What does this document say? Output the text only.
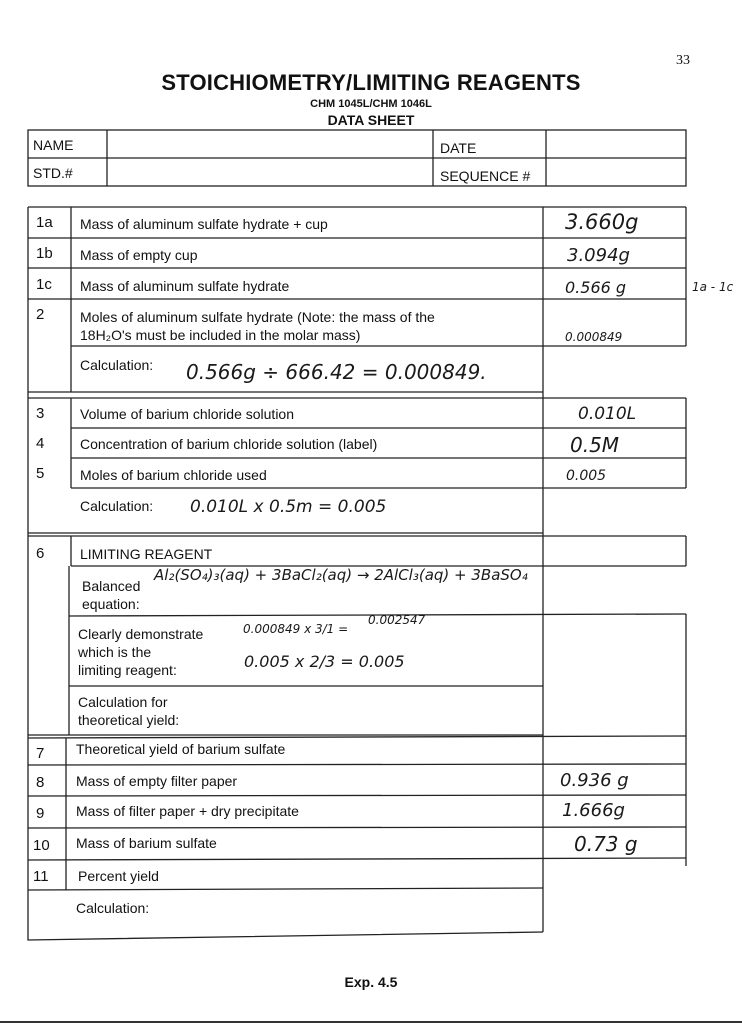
33
STOICHIOMETRY/LIMITING REAGENTS
CHM 1045L/CHM 1046L
DATA SHEET
NAME
STD.#
DATE
SEQUENCE #
1a Mass of aluminum sulfate hydrate + cup	3.660g
1b Mass of empty cup	3.094g
1c Mass of aluminum sulfate hydrate	0.566 g	1a - 1c
2	Moles of aluminum sulfate hydrate (Note: the mass of the
18H₂O's must be included in the molar mass)	0.000849
Calculation: 0.566g ÷ 666.42 = 0.000849.
3	Volume of barium chloride solution	0.010L
4	Concentration of barium chloride solution (label)	0.5M
5	Moles of barium chloride used	0.005
Calculation: 0.010L x 0.5m = 0.005
6	LIMITING REAGENT
Balanced
equation:
Al₂(SO₄)₃(aq) + 3BaCl₂(aq) → 2AlCl₃(aq) + 3BaSO₄
Clearly demonstrate
which is the
limiting reagent:
0.000849 x 3/1 =
0.002547
0.005 x 2/3 = 0.005
Calculation for
theoretical yield:
7 Theoretical yield of barium sulfate
8 Mass of empty filter paper	0.936 g
9 Mass of filter paper + dry precipitate	1.666g
10 Mass of barium sulfate	0.73 g
11 Percent yield
Calculation:
Exp. 4.5
